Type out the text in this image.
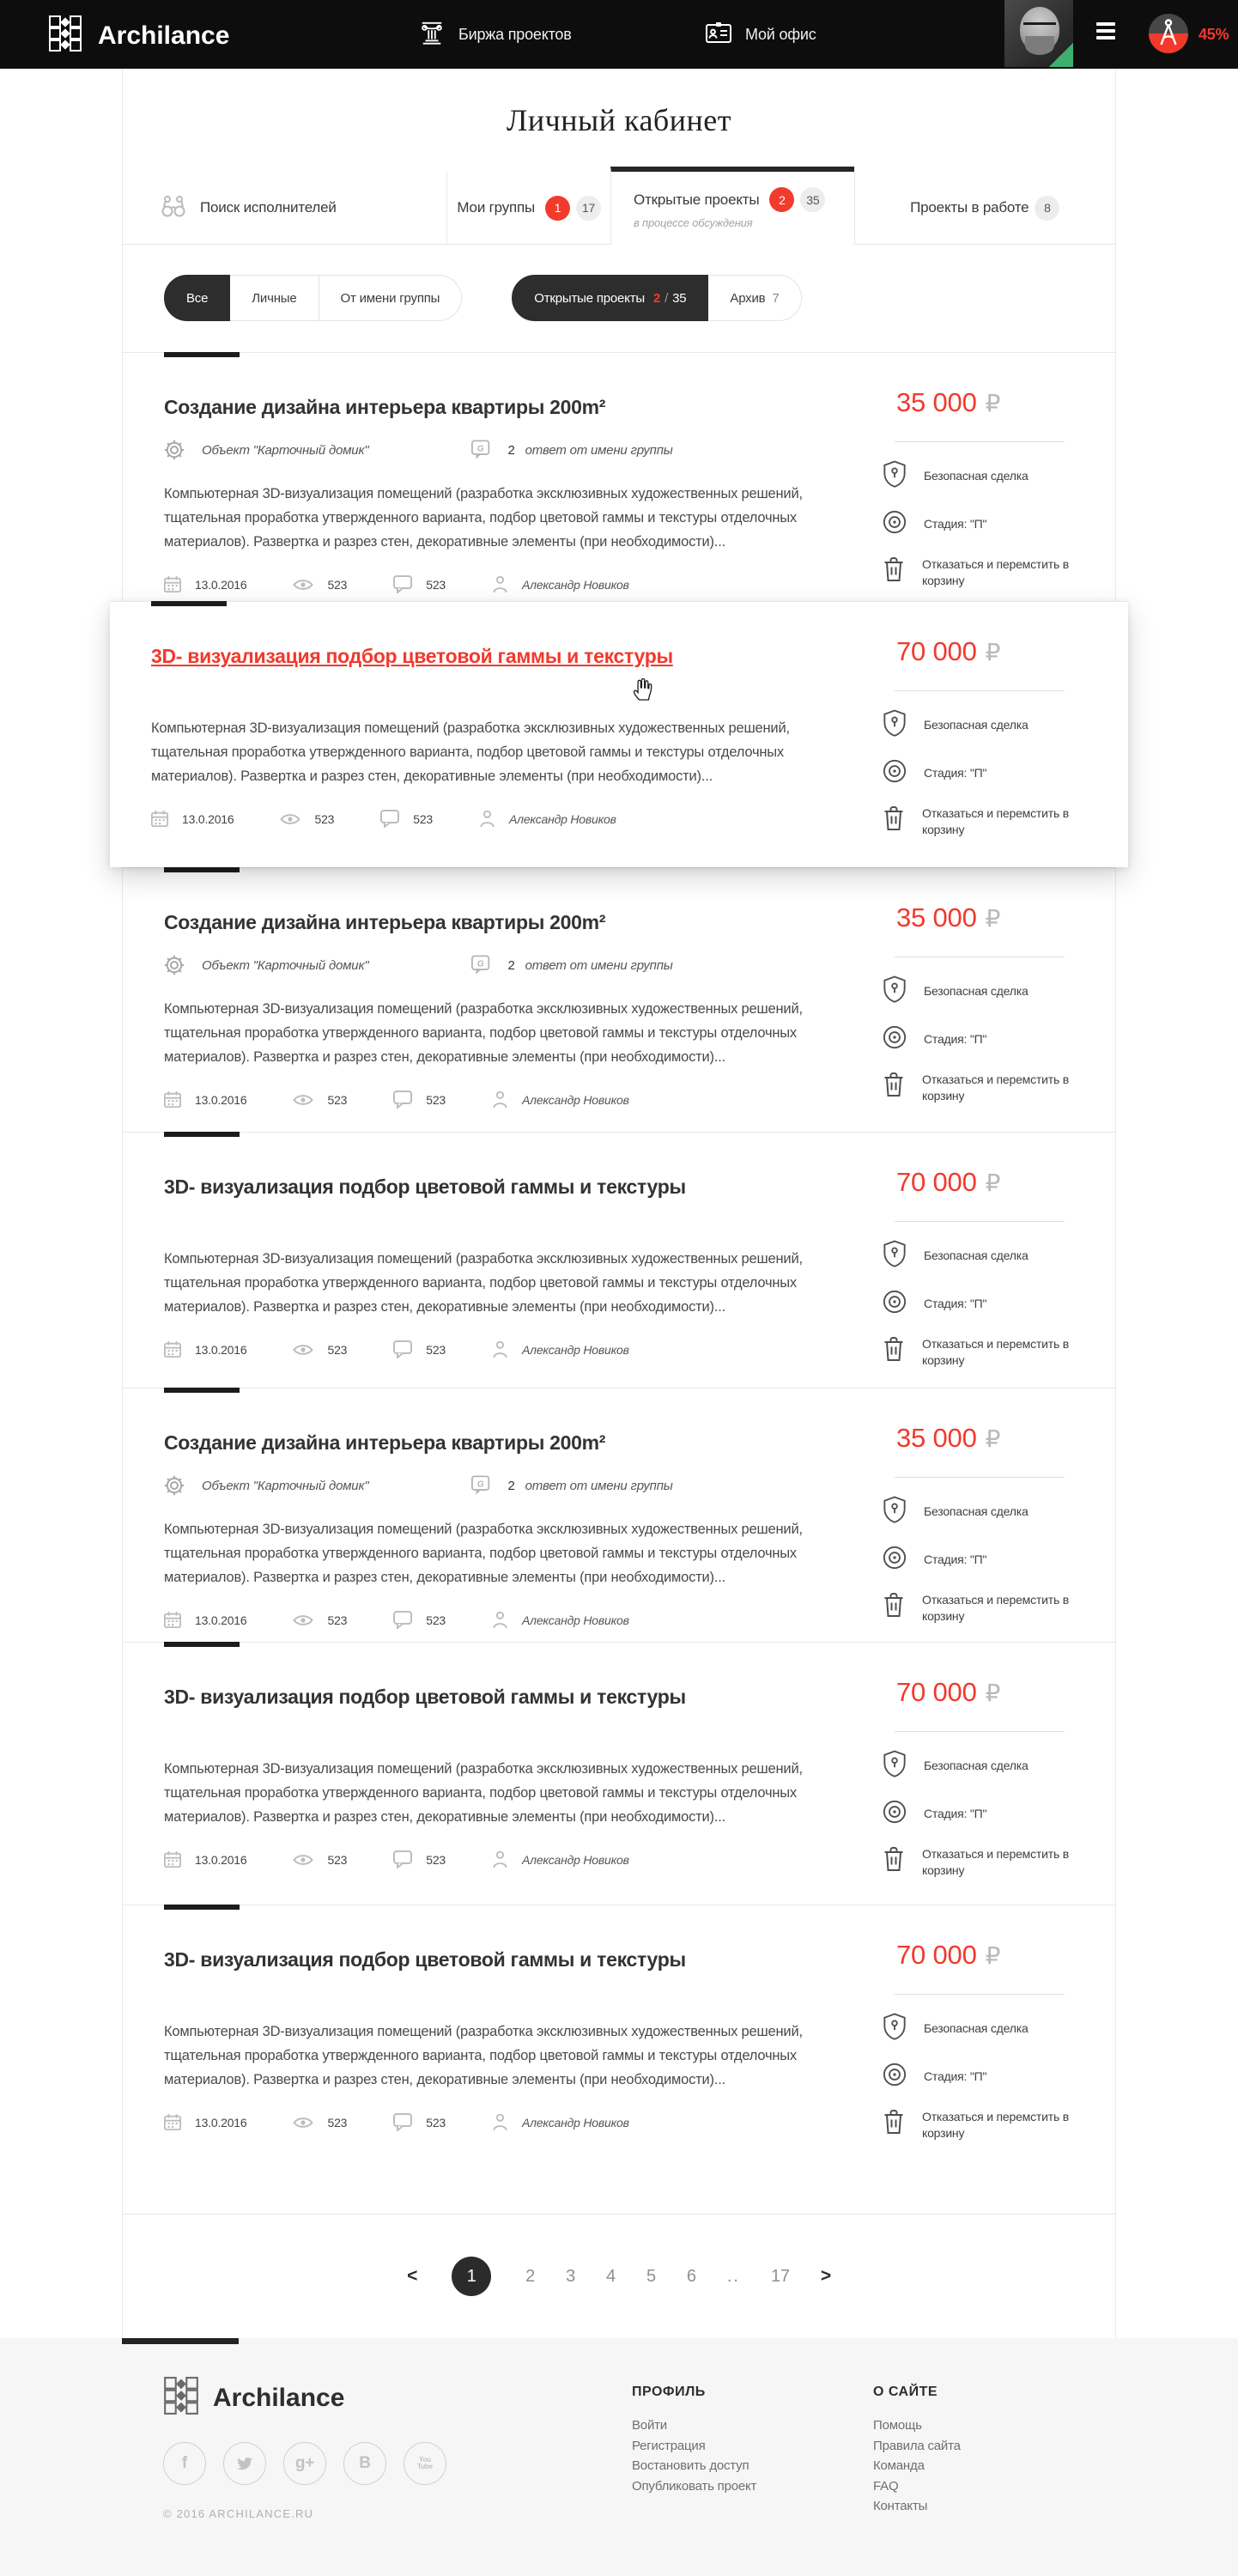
Archilance	Биржа проектов	Мой офис	45%
Личный кабинет
Поиск исполнителей	Мои группы	1	17
Открытые проекты	2	35
в процессе обсуждения
Проекты в работе	8
Все	Личные	От имени группы	Открытые проекты 2 / 35	Архив 7
Создание дизайна интерьера квартиры 200m²
Объект "Карточный домик"	G 2 ответ от имени группы

Компьютерная 3D-визуализация помещений (разработка эксклюзивных художественных решений, тщательная проработка утвержденного варианта, подбор цветовой гаммы и текстуры отделочных материалов). Развертка и разрез стен, декоративные элементы (при необходимости)...

13.0.2016	523	523	Александр Новиков
35 000 ₽
Безопасная сделка
Стадия: "П"
Отказаться и перемстить в корзину
3D- визуализация подбор цветовой гаммы и текстуры

Компьютерная 3D-визуализация помещений (разработка эксклюзивных художественных решений, тщательная проработка утвержденного варианта, подбор цветовой гаммы и текстуры отделочных материалов). Развертка и разрез стен, декоративные элементы (при необходимости)...

13.0.2016	523	523	Александр Новиков
70 000 ₽
Безопасная сделка
Стадия: "П"
Отказаться и перемстить в корзину
Создание дизайна интерьера квартиры 200m²
Объект "Карточный домик"	G 2 ответ от имени группы

Компьютерная 3D-визуализация помещений (разработка эксклюзивных художественных решений, тщательная проработка утвержденного варианта, подбор цветовой гаммы и текстуры отделочных материалов). Развертка и разрез стен, декоративные элементы (при необходимости)...

13.0.2016	523	523	Александр Новиков
35 000 ₽
Безопасная сделка
Стадия: "П"
Отказаться и перемстить в корзину
3D- визуализация подбор цветовой гаммы и текстуры

Компьютерная 3D-визуализация помещений (разработка эксклюзивных художественных решений, тщательная проработка утвержденного варианта, подбор цветовой гаммы и текстуры отделочных материалов). Развертка и разрез стен, декоративные элементы (при необходимости)...

13.0.2016	523	523	Александр Новиков
70 000 ₽
Безопасная сделка
Стадия: "П"
Отказаться и перемстить в корзину
Создание дизайна интерьера квартиры 200m²
Объект "Карточный домик"	G 2 ответ от имени группы

Компьютерная 3D-визуализация помещений (разработка эксклюзивных художественных решений, тщательная проработка утвержденного варианта, подбор цветовой гаммы и текстуры отделочных материалов). Развертка и разрез стен, декоративные элементы (при необходимости)...

13.0.2016	523	523	Александр Новиков
35 000 ₽
Безопасная сделка
Стадия: "П"
Отказаться и перемстить в корзину
3D- визуализация подбор цветовой гаммы и текстуры

Компьютерная 3D-визуализация помещений (разработка эксклюзивных художественных решений, тщательная проработка утвержденного варианта, подбор цветовой гаммы и текстуры отделочных материалов). Развертка и разрез стен, декоративные элементы (при необходимости)...

13.0.2016	523	523	Александр Новиков
70 000 ₽
Безопасная сделка
Стадия: "П"
Отказаться и перемстить в корзину
3D- визуализация подбор цветовой гаммы и текстуры

Компьютерная 3D-визуализация помещений (разработка эксклюзивных художественных решений, тщательная проработка утвержденного варианта, подбор цветовой гаммы и текстуры отделочных материалов). Развертка и разрез стен, декоративные элементы (при необходимости)...

13.0.2016	523	523	Александр Новиков
70 000 ₽
Безопасная сделка
Стадия: "П"
Отказаться и перемстить в корзину
<	1	2 3 4 5 6 .. 17 >
Archilance
f	g+	B	You
Tube
© 2016 ARCHILANCE.RU
ПРОФИЛЬ
Войти
Регистрация
Востановить доступ
Опубликовать проект
О САЙТЕ
Помощь
Правила сайта
Команда
FAQ
Контакты
